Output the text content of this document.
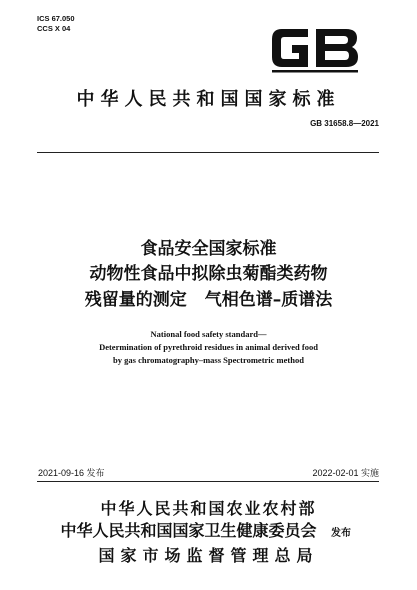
ICS 67.050
CCS X 04
中华人民共和国国家标准
GB 31658.8—2021
食品安全国家标准
动物性食品中拟除虫菊酯类药物
残留量的测定 气相色谱–质谱法
National food safety standard—
Determination of pyrethroid residues in animal derived food
by gas chromatography–mass Spectrometric method
2021-09-16 发布	2022-02-01 实施
中华人民共和国农业农村部
中华人民共和国国家卫生健康委员会	发布
国家市场监督管理总局
